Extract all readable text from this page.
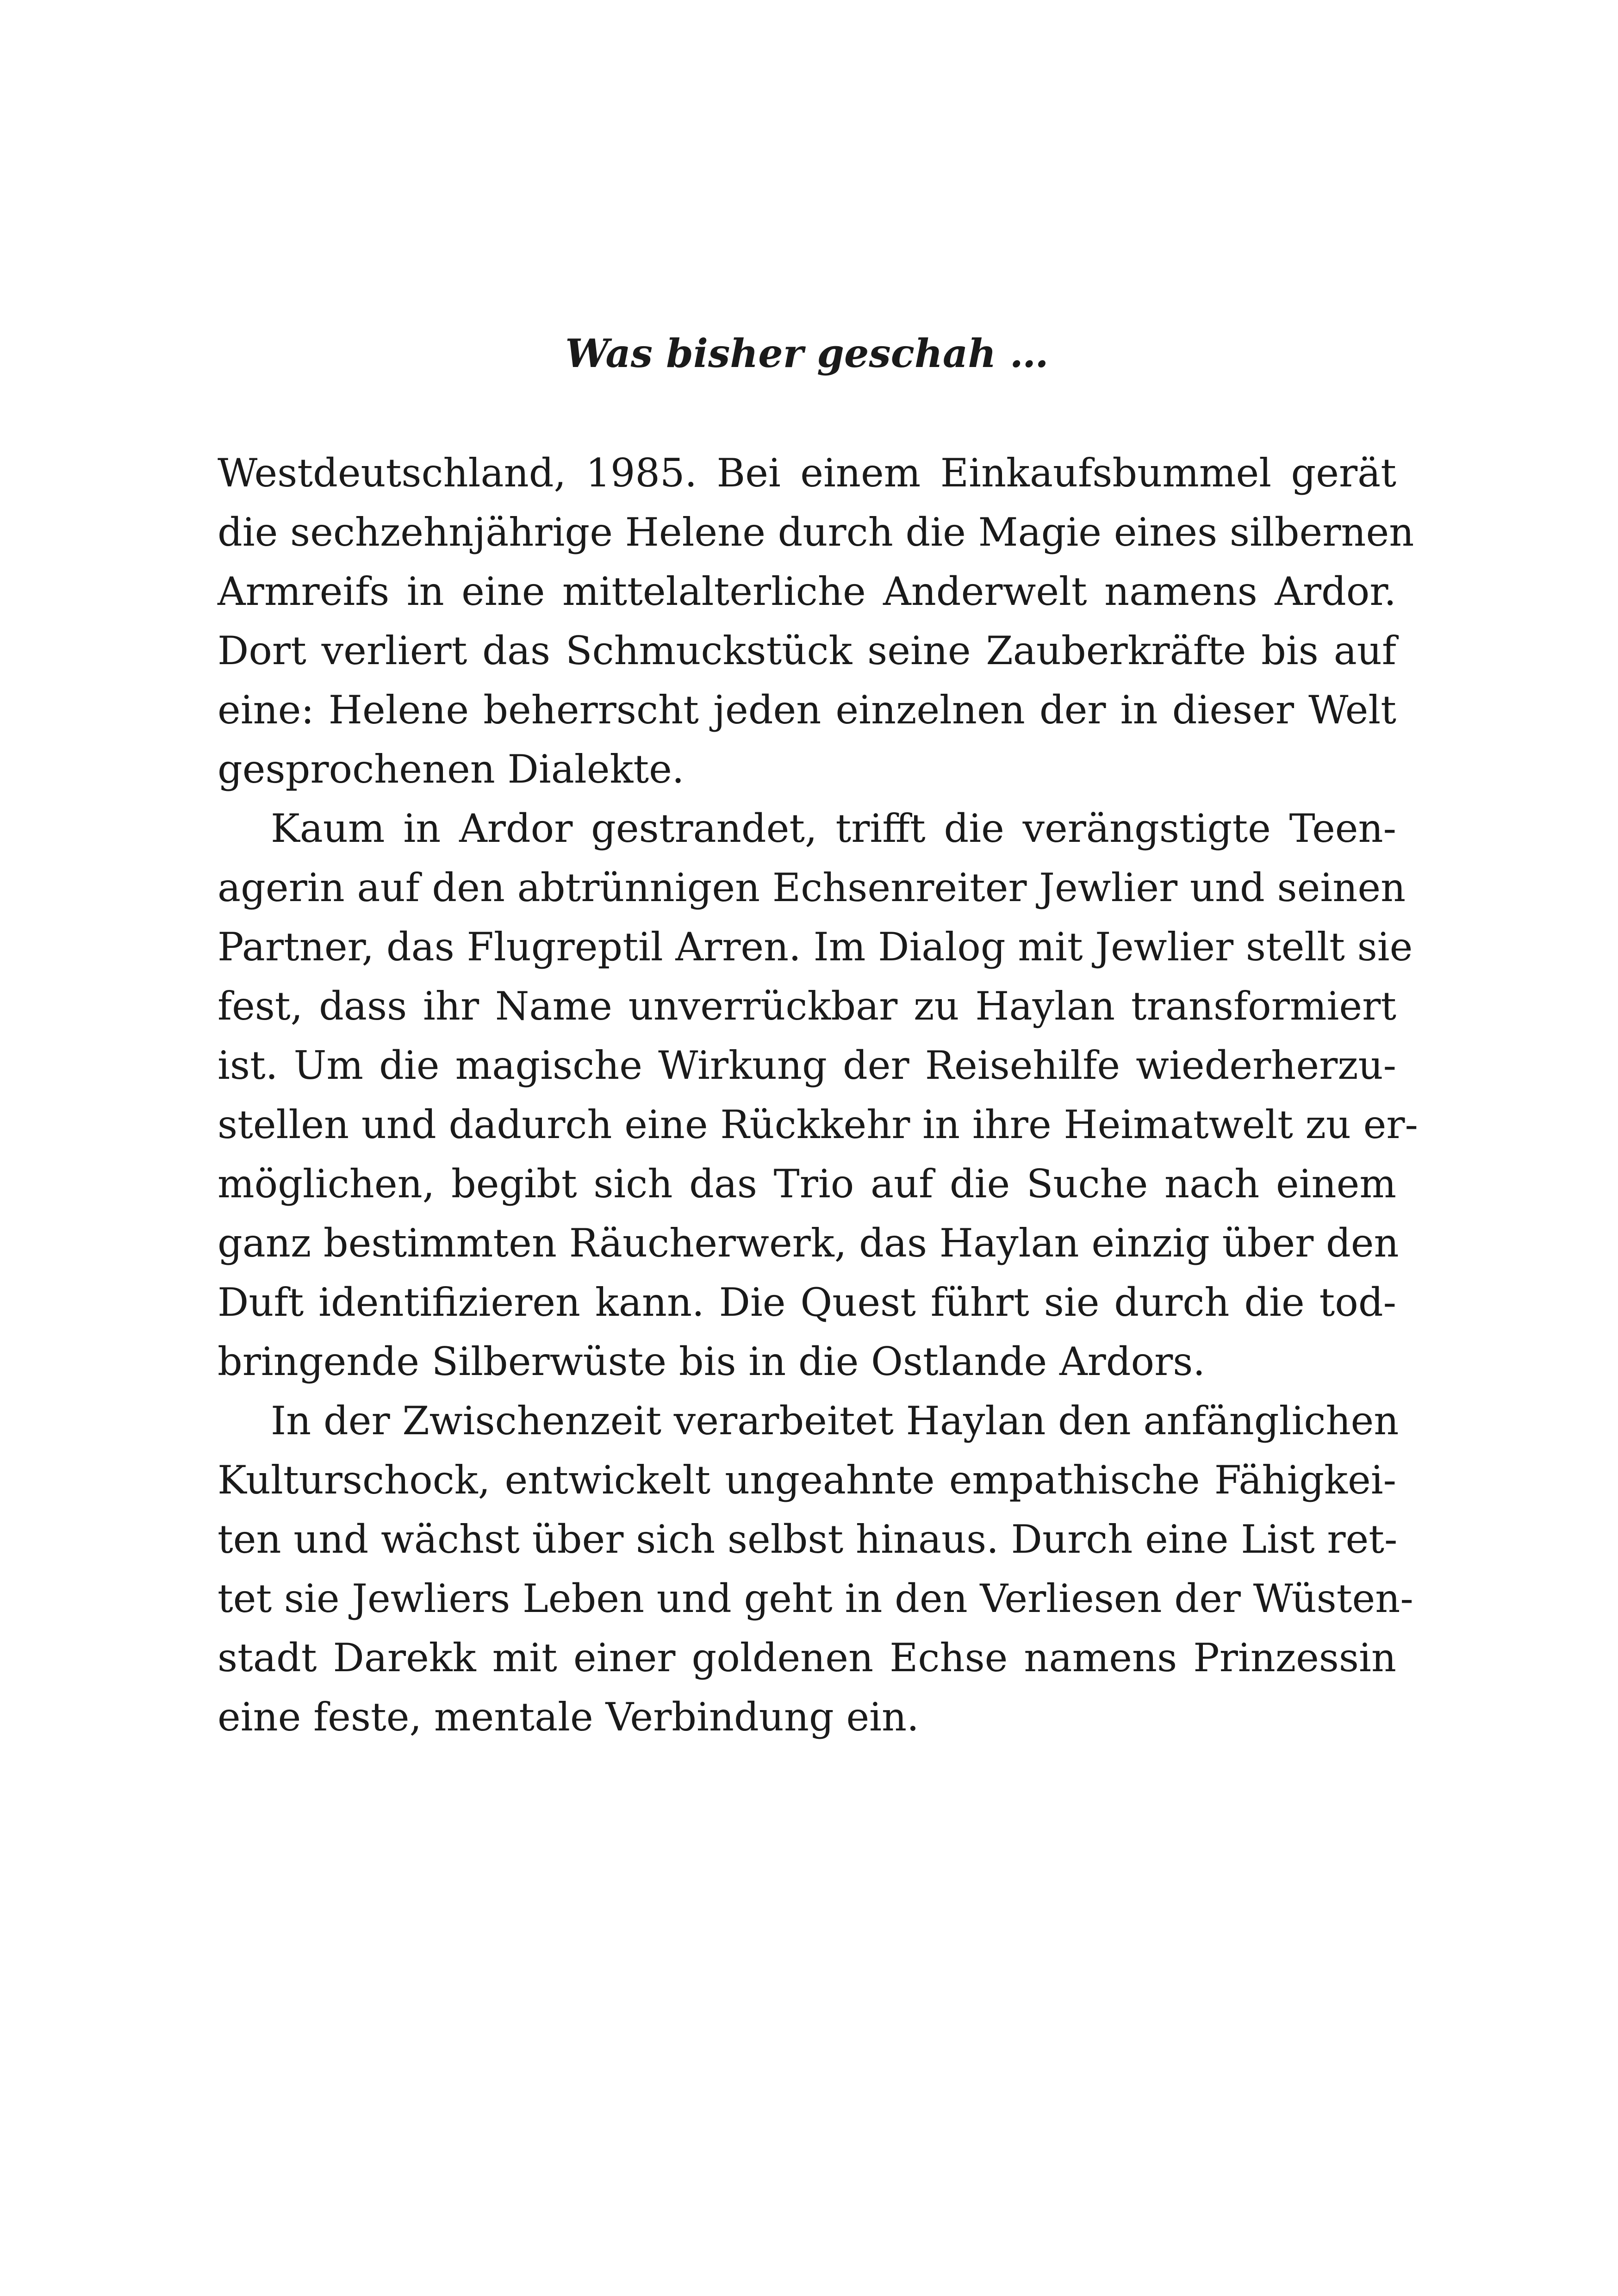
Was bisher geschah …
Westdeutschland, 1985. Bei einem Einkaufsbummel gerät
die sechzehnjährige Helene durch die Magie eines silbernen
Armreifs in eine mittelalterliche Anderwelt namens Ardor.
Dort verliert das Schmuckstück seine Zauberkräfte bis auf
eine: Helene beherrscht jeden einzelnen der in dieser Welt
gesprochenen Dialekte.
Kaum in Ardor gestrandet, trifft die verängstigte Teen-
agerin auf den abtrünnigen Echsenreiter Jewlier und seinen
Partner, das Flugreptil Arren. Im Dialog mit Jewlier stellt sie
fest, dass ihr Name unverrückbar zu Haylan transformiert
ist. Um die magische Wirkung der Reisehilfe wiederherzu-
stellen und dadurch eine Rückkehr in ihre Heimatwelt zu er-
möglichen, begibt sich das Trio auf die Suche nach einem
ganz bestimmten Räucherwerk, das Haylan einzig über den
Duft identifizieren kann. Die Quest führt sie durch die tod-
bringende Silberwüste bis in die Ostlande Ardors.
In der Zwischenzeit verarbeitet Haylan den anfänglichen
Kulturschock, entwickelt ungeahnte empathische Fähigkei-
ten und wächst über sich selbst hinaus. Durch eine List ret-
tet sie Jewliers Leben und geht in den Verliesen der Wüsten-
stadt Darekk mit einer goldenen Echse namens Prinzessin
eine feste, mentale Verbindung ein.
